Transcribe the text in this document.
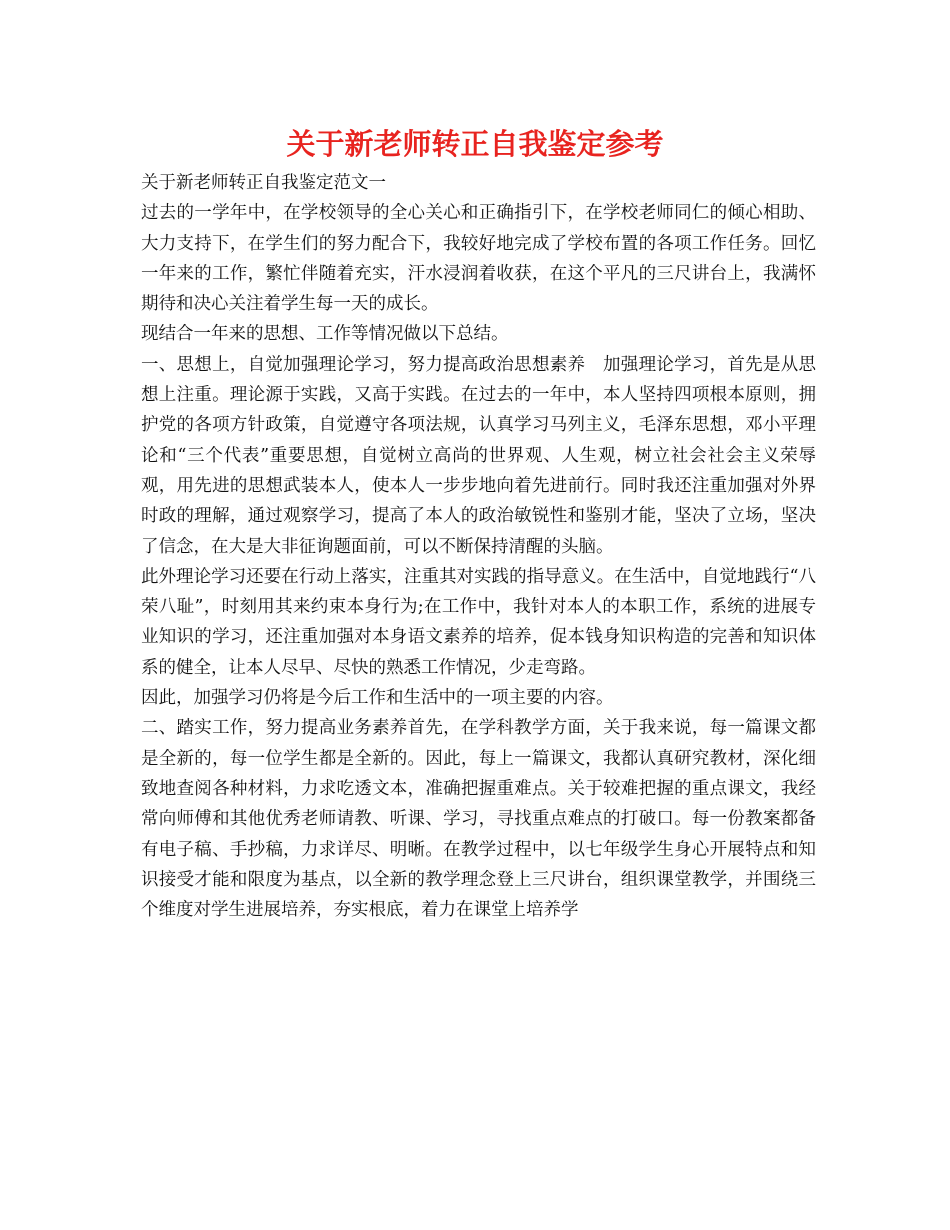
关于新老师转正自我鉴定参考

关于新老师转正自我鉴定范文一

过去的一学年中，在学校领导的全心关心和正确指引下，在学校老师同仁的倾心相助、大力支持下，在学生们的努力配合下，我较好地完成了学校布置的各项工作任务。回忆一年来的工作，繁忙伴随着充实，汗水浸润着收获，在这个平凡的三尺讲台上，我满怀期待和决心关注着学生每一天的成长。

现结合一年来的思想、工作等情况做以下总结。

一、思想上，自觉加强理论学习，努力提高政治思想素养　加强理论学习，首先是从思想上注重。理论源于实践，又高于实践。在过去的一年中，本人坚持四项根本原则，拥护党的各项方针政策，自觉遵守各项法规，认真学习马列主义，毛泽东思想，邓小平理论和“三个代表”重要思想，自觉树立高尚的世界观、人生观，树立社会社会主义荣辱观，用先进的思想武装本人，使本人一步步地向着先进前行。同时我还注重加强对外界时政的理解，通过观察学习，提高了本人的政治敏锐性和鉴别才能，坚决了立场，坚决了信念，在大是大非征询题面前，可以不断保持清醒的头脑。

此外理论学习还要在行动上落实，注重其对实践的指导意义。在生活中，自觉地践行“八荣八耻”，时刻用其来约束本身行为;在工作中，我针对本人的本职工作，系统的进展专业知识的学习，还注重加强对本身语文素养的培养，促本钱身知识构造的完善和知识体系的健全，让本人尽早、尽快的熟悉工作情况，少走弯路。

因此，加强学习仍将是今后工作和生活中的一项主要的内容。

二、踏实工作，努力提高业务素养首先，在学科教学方面，关于我来说，每一篇课文都是全新的，每一位学生都是全新的。因此，每上一篇课文，我都认真研究教材，深化细致地查阅各种材料，力求吃透文本，准确把握重难点。关于较难把握的重点课文，我经常向师傅和其他优秀老师请教、听课、学习，寻找重点难点的打破口。每一份教案都备有电子稿、手抄稿，力求详尽、明晰。在教学过程中，以七年级学生身心开展特点和知识接受才能和限度为基点，以全新的教学理念登上三尺讲台，组织课堂教学，并围绕三个维度对学生进展培养，夯实根底，着力在课堂上培养学
